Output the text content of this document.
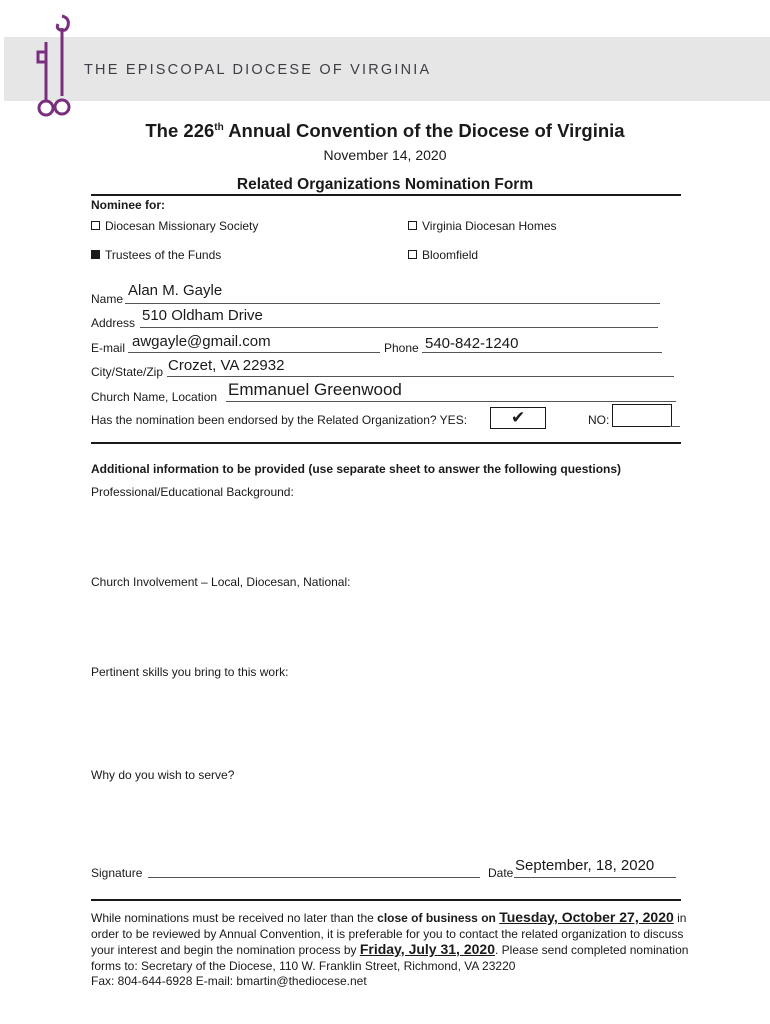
THE EPISCOPAL DIOCESE OF VIRGINIA
The 226th Annual Convention of the Diocese of Virginia
November 14, 2020
Related Organizations Nomination Form
Nominee for:
Diocesan Missionary Society	Virginia Diocesan Homes
Trustees of the Funds	Bloomfield
Name Alan M. Gayle
Address 510 Oldham Drive
E-mail awgayle@gmail.com	Phone 540-842-1240
City/State/Zip Crozet, VA 22932
Church Name, Location Emmanuel Greenwood
Has the nomination been endorsed by the Related Organization? YES:	✔	NO:
Additional information to be provided (use separate sheet to answer the following questions)
Professional/Educational Background:
Church Involvement – Local, Diocesan, National:
Pertinent skills you bring to this work:
Why do you wish to serve?
Signature	Date September, 18, 2020
While nominations must be received no later than the close of business on Tuesday, October 27, 2020 in order to be reviewed by Annual Convention, it is preferable for you to contact the related organization to discuss your interest and begin the nomination process by Friday, July 31, 2020. Please send completed nomination forms to: Secretary of the Diocese, 110 W. Franklin Street, Richmond, VA 23220
Fax: 804-644-6928 E-mail: bmartin@thediocese.net
